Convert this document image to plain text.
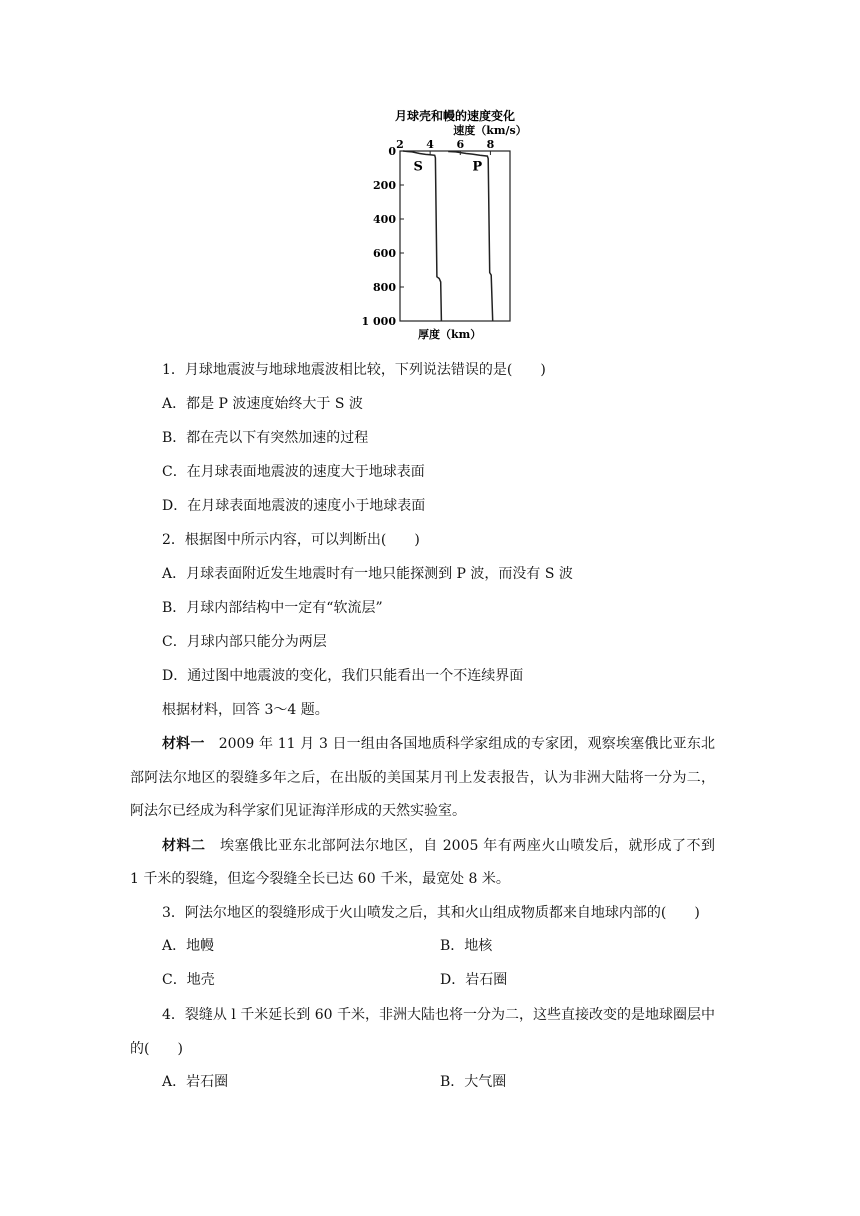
月球壳和幔的速度变化
速度（km/s）
2 4 6 8
0
200
400
600
800
1 000
厚度（km）
S	P
1．月球地震波与地球地震波相比较，下列说法错误的是(　　)
A．都是 P 波速度始终大于 S 波
B．都在壳以下有突然加速的过程
C．在月球表面地震波的速度大于地球表面
D．在月球表面地震波的速度小于地球表面
2．根据图中所示内容，可以判断出(　　)
A．月球表面附近发生地震时有一地只能探测到 P 波，而没有 S 波
B．月球内部结构中一定有“软流层”
C．月球内部只能分为两层
D．通过图中地震波的变化，我们只能看出一个不连续界面
根据材料，回答 3～4 题。
材料一　2009 年 11 月 3 日一组由各国地质科学家组成的专家团，观察埃塞俄比亚东北部阿法尔地区的裂缝多年之后，在出版的美国某月刊上发表报告，认为非洲大陆将一分为二，
阿法尔已经成为科学家们见证海洋形成的天然实验室。
材料二　埃塞俄比亚东北部阿法尔地区，自 2005 年有两座火山喷发后，就形成了不到
1 千米的裂缝，但迄今裂缝全长已达 60 千米，最宽处 8 米。
3．阿法尔地区的裂缝形成于火山喷发之后，其和火山组成物质都来自地球内部的(　　)
A．地幔	B．地核
C．地壳	D．岩石圈
4．裂缝从 l 千米延长到 60 千米，非洲大陆也将一分为二，这些直接改变的是地球圈层中的(　　)
A．岩石圈	B．大气圈
